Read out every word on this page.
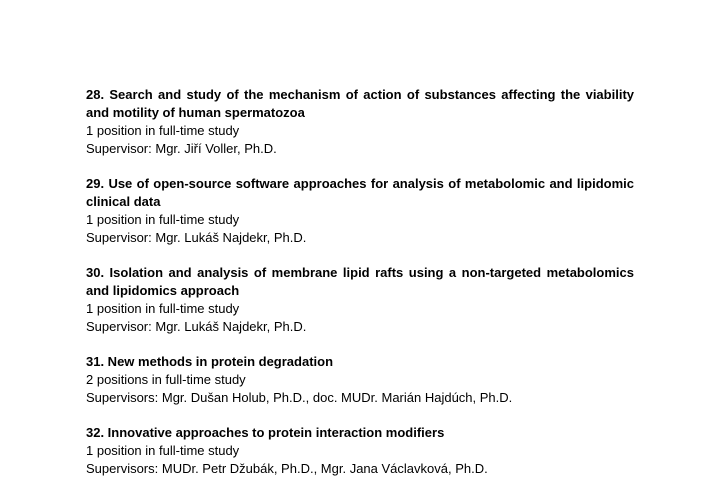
28. Search and study of the mechanism of action of substances affecting the viability and motility of human spermatozoa

1 position in full-time study

Supervisor: Mgr. Jiří Voller, Ph.D.

29. Use of open-source software approaches for analysis of metabolomic and lipidomic clinical data

1 position in full-time study

Supervisor: Mgr. Lukáš Najdekr, Ph.D.

30. Isolation and analysis of membrane lipid rafts using a non-targeted metabolomics and lipidomics approach

1 position in full-time study

Supervisor: Mgr. Lukáš Najdekr, Ph.D.

31. New methods in protein degradation

2 positions in full-time study

Supervisors: Mgr. Dušan Holub, Ph.D., doc. MUDr. Marián Hajdúch, Ph.D.

32. Innovative approaches to protein interaction modifiers

1 position in full-time study

Supervisors: MUDr. Petr Džubák, Ph.D., Mgr. Jana Václavková, Ph.D.
